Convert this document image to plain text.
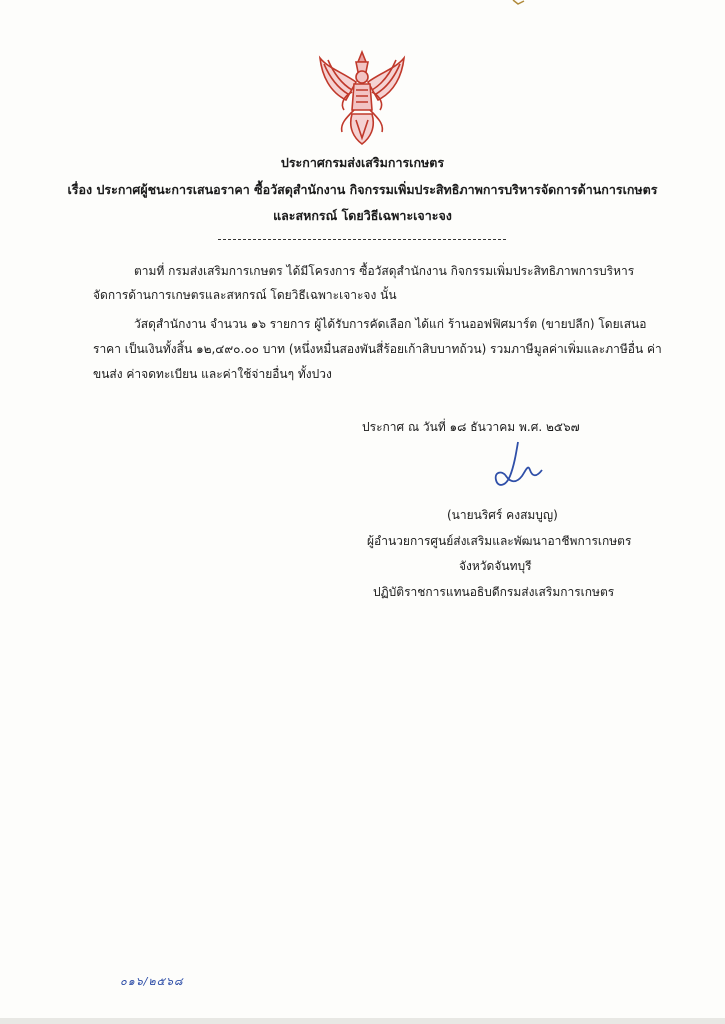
ประกาศกรมส่งเสริมการเกษตร
เรื่อง ประกาศผู้ชนะการเสนอราคา ซื้อวัสดุสำนักงาน กิจกรรมเพิ่มประสิทธิภาพการบริหารจัดการด้านการเกษตร
และสหกรณ์ โดยวิธีเฉพาะเจาะจง
ตามที่ กรมส่งเสริมการเกษตร ได้มีโครงการ ซื้อวัสดุสำนักงาน กิจกรรมเพิ่มประสิทธิภาพการบริหาร
จัดการด้านการเกษตรและสหกรณ์ โดยวิธีเฉพาะเจาะจง นั้น
วัสดุสำนักงาน จำนวน ๑๖ รายการ ผู้ได้รับการคัดเลือก ได้แก่ ร้านออฟฟิศมาร์ต (ขายปลีก) โดยเสนอ
ราคา เป็นเงินทั้งสิ้น ๑๒,๔๙๐.๐๐ บาท (หนึ่งหมื่นสองพันสี่ร้อยเก้าสิบบาทถ้วน) รวมภาษีมูลค่าเพิ่มและภาษีอื่น ค่า
ขนส่ง ค่าจดทะเบียน และค่าใช้จ่ายอื่นๆ ทั้งปวง
ประกาศ ณ วันที่ ๑๘ ธันวาคม พ.ศ. ๒๕๖๗
(นายนริศร์ คงสมบูญ)
ผู้อำนวยการศูนย์ส่งเสริมและพัฒนาอาชีพการเกษตร
จังหวัดจันทบุรี
ปฏิบัติราชการแทนอธิบดีกรมส่งเสริมการเกษตร
๐๑๖/๒๕๖๘
